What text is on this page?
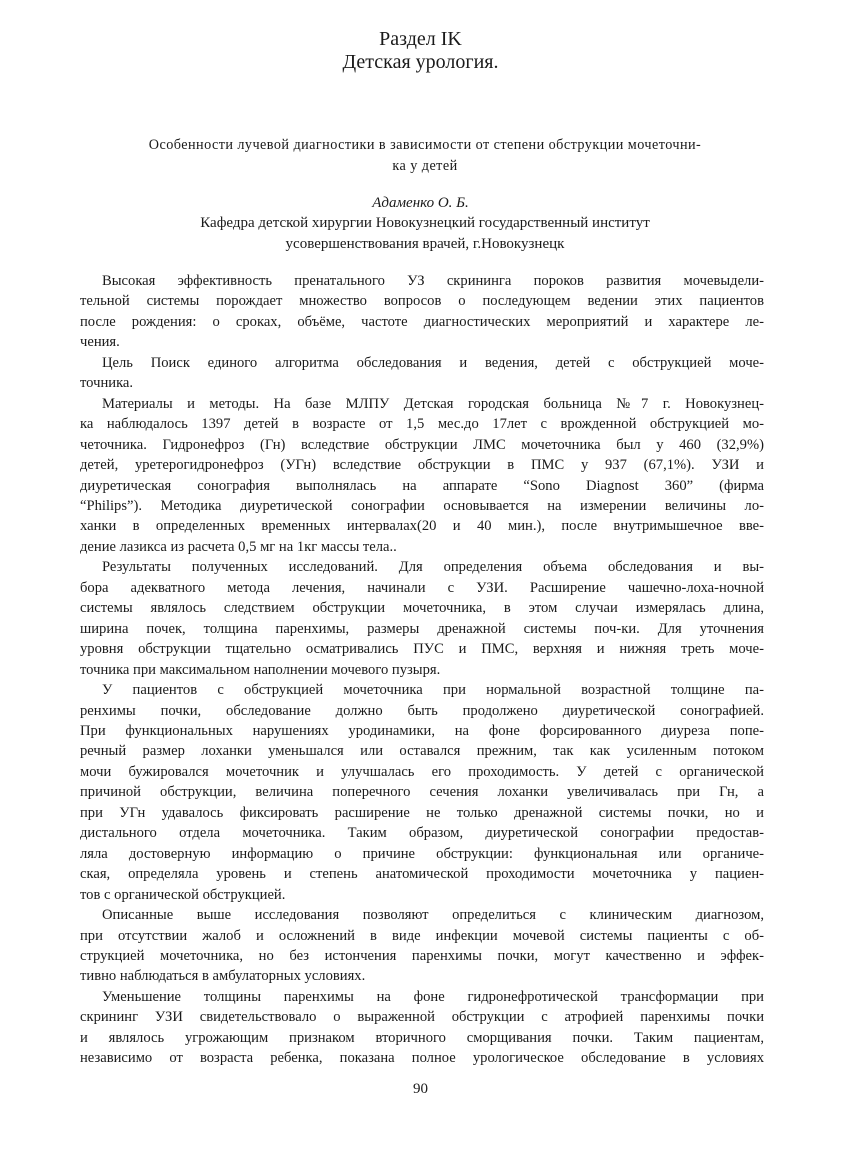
Раздел IK
Детская урология.
Особенности лучевой диагностики в зависимости от степени обструкции мочеточни-
ка у детей
Адаменко О. Б.
Кафедра детской хирургии Новокузнецкий государственный институт
усовершенствования врачей, г.Новокузнецк
Высокая эффективность пренатального УЗ скрининга пороков развития мочевыдели-
тельной системы порождает множество вопросов о последующем ведении этих пациентов
после рождения: о сроках, объёме, частоте диагностических мероприятий и характере ле-
чения.
Цель Поиск единого алгоритма обследования и ведения, детей с обструкцией моче-
точника.
Материалы и методы. На базе МЛПУ Детская городская больница №7 г. Новокузнец-
ка наблюдалось 1397 детей в возрасте от 1,5 мес.до 17лет с врожденной обструкцией мо-
четочника. Гидронефроз (Гн) вследствие обструкции ЛМС мочеточника был у 460 (32,9%)
детей, уретерогидронефроз (УГн) вследствие обструкции в ПМС у 937 (67,1%). УЗИ и
диуретическая сонография выполнялась на аппарате “Sono Diagnost 360” (фирма
“Philips”). Методика диуретической сонографии основывается на измерении величины ло-
ханки в определенных временных интервалах(20 и 40 мин.), после внутримышечное вве-
дение лазикса из расчета 0,5 мг на 1кг массы тела..
Результаты полученных исследований. Для определения объема обследования и вы-
бора адекватного метода лечения, начинали с УЗИ. Расширение чашечно-лоха-ночной
системы являлось следствием обструкции мочеточника, в этом случаи измерялась длина,
ширина почек, толщина паренхимы, размеры дренажной системы поч-ки. Для уточнения
уровня обструкции тщательно осматривались ПУС и ПМС, верхняя и нижняя треть моче-
точника при максимальном наполнении мочевого пузыря.
У пациентов с обструкцией мочеточника при нормальной возрастной толщине па-
ренхимы почки, обследование должно быть продолжено диуретической сонографией.
При функциональных нарушениях уродинамики, на фоне форсированного диуреза попе-
речный размер лоханки уменьшался или оставался прежним, так как усиленным потоком
мочи бужировался мочеточник и улучшалась его проходимость. У детей с органической
причиной обструкции, величина поперечного сечения лоханки увеличивалась при Гн, а
при УГн удавалось фиксировать расширение не только дренажной системы почки, но и
дистального отдела мочеточника. Таким образом, диуретической сонографии предостав-
ляла достоверную информацию о причине обструкции: функциональная или органиче-
ская, определяла уровень и степень анатомической проходимости мочеточника у пациен-
тов с органической обструкцией.
Описанные выше исследования позволяют определиться с клиническим диагнозом,
при отсутствии жалоб и осложнений в виде инфекции мочевой системы пациенты с об-
струкцией мочеточника, но без истончения паренхимы почки, могут качественно и эффек-
тивно наблюдаться в амбулаторных условиях.
Уменьшение толщины паренхимы на фоне гидронефротической трансформации при
скрининг УЗИ свидетельствовало о выраженной обструкции с атрофией паренхимы почки
и являлось угрожающим признаком вторичного сморщивания почки. Таким пациентам,
независимо от возраста ребенка, показана полное урологическое обследование в условиях
90
